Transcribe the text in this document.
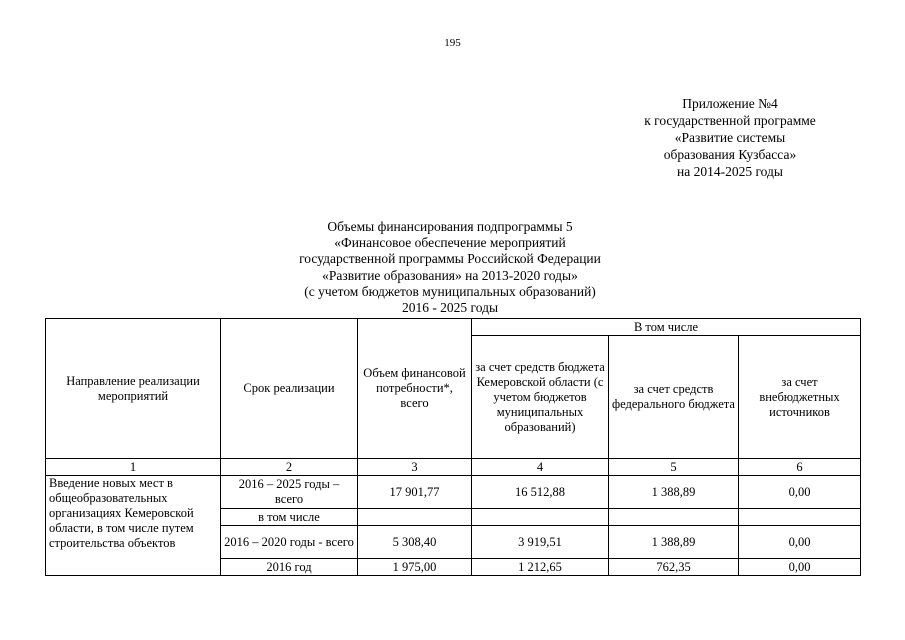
195
Приложение №4
к государственной программе
«Развитие системы
образования Кузбасса»
на 2014-2025 годы
Объемы финансирования подпрограммы 5
«Финансовое обеспечение мероприятий
государственной программы Российской Федерации
«Развитие образования» на 2013-2020 годы»
(с учетом бюджетов муниципальных образований)
2016 - 2025 годы
Направление реализации мероприятий	Срок реализации	Объем финансовой потребности*, всего	В том числе		
			за счет средств бюджета Кемеровской области (с учетом бюджетов муниципальных образований)	за счет средств федерального бюджета	за счет внебюджетных источников
1	2	3	4	5	6
Введение новых мест в общеобразовательных организациях Кемеровской области, в том числе путем строительства объектов	2016 – 2025 годы – всего	17 901,77	16 512,88	1 388,89	0,00
	в том числе				
	2016 – 2020 годы - всего	5 308,40	3 919,51	1 388,89	0,00
	2016 год	1 975,00	1 212,65	762,35	0,00
